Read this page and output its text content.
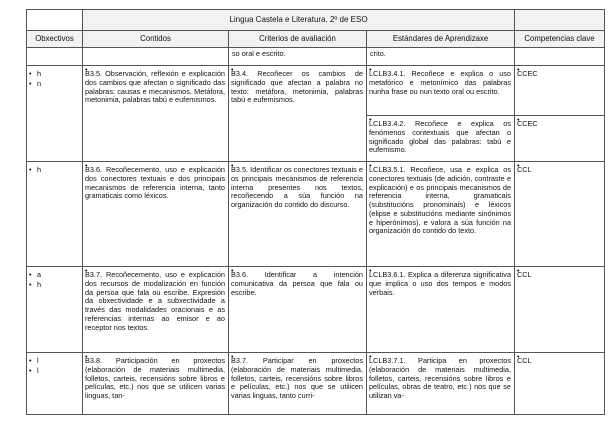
	Lingua Castela e Literatura. 2º de ESO			
Obxectivos	Contidos	Criterios de avaliación	Estándares de Aprendizaxe	Competencias clave

		so oral e escrito.	crito.	

• h
• n	• B3.5. Observación, reflexión e explicación dos cambios que afectan o significado das palabras: causas e mecanismos. Metáfora, metonimia, palabras tabú e eufemismos.	• B3.4. Recoñecer os cambios de significado que afectan a palabra no texto: metáfora, metonimia, palabras tabú e eufemismos.	• LCLB3.4.1. Recoñece e explica o uso metafórico e metonímico das palabras nunha frase ou nun texto oral ou escrito.	• CCEC

			• LCLB3.4.2. Recoñece e explica os fenómenos contextuais que afectan o significado global das palabras: tabú e eufemismo.	• CCEC

• h	• B3.6. Recoñecemento, uso e explicación dos conectores textuais e dos principais mecanismos de referencia interna, tanto gramaticais como léxicos.	• B3.5. Identificar os conectores textuais e os principais mecanismos de referencia interna presentes nos textos, recoñecendo a súa función na organización do contido do discurso.	• LCLB3.5.1. Recoñece, usa e explica os conectores textuais (de adición, contraste e explicación) e os principais mecanismos de referencia interna, gramaticais (substitucións pronominais) e léxicos (elipse e substitucións mediante sinónimos e hiperónimos), e valora a súa función na organización do contido do texto.	• CCL

• a
• h	• B3.7. Recoñecemento, uso e explicación dos recursos de modalización en función da persoa que fala ou escribe. Expresión da obxectividade e a subxectividade a través das modalidades oracionais e as referencias internas ao emisor e ao receptor nos textos.	• B3.6. Identificar a intención comunicativa da persoa que fala ou escribe.	• LCLB3.6.1. Explica a diferenza significativa que implica o uso dos tempos e modos verbais.	• CCL

• l
• l	• B3.8. Participación en proxectos (elaboración de materiais multimedia, folletos, carteis, recensións sobre libros e películas, etc.) nos que se utilicen varias linguas, tan-	• B3.7. Participar en proxectos (elaboración de materiais multimedia, folletos, carteis, recensións sobre libros e películas, etc.) nos que se utilicen varias linguas, tanto curri-	• LCLB3.7.1. Participa en proxectos (elaboración de materiais multimedia, folletos, carteis, recensións sobre libros e películas, obras de teatro, etc.) nos que se utilizan va-	• CCL
